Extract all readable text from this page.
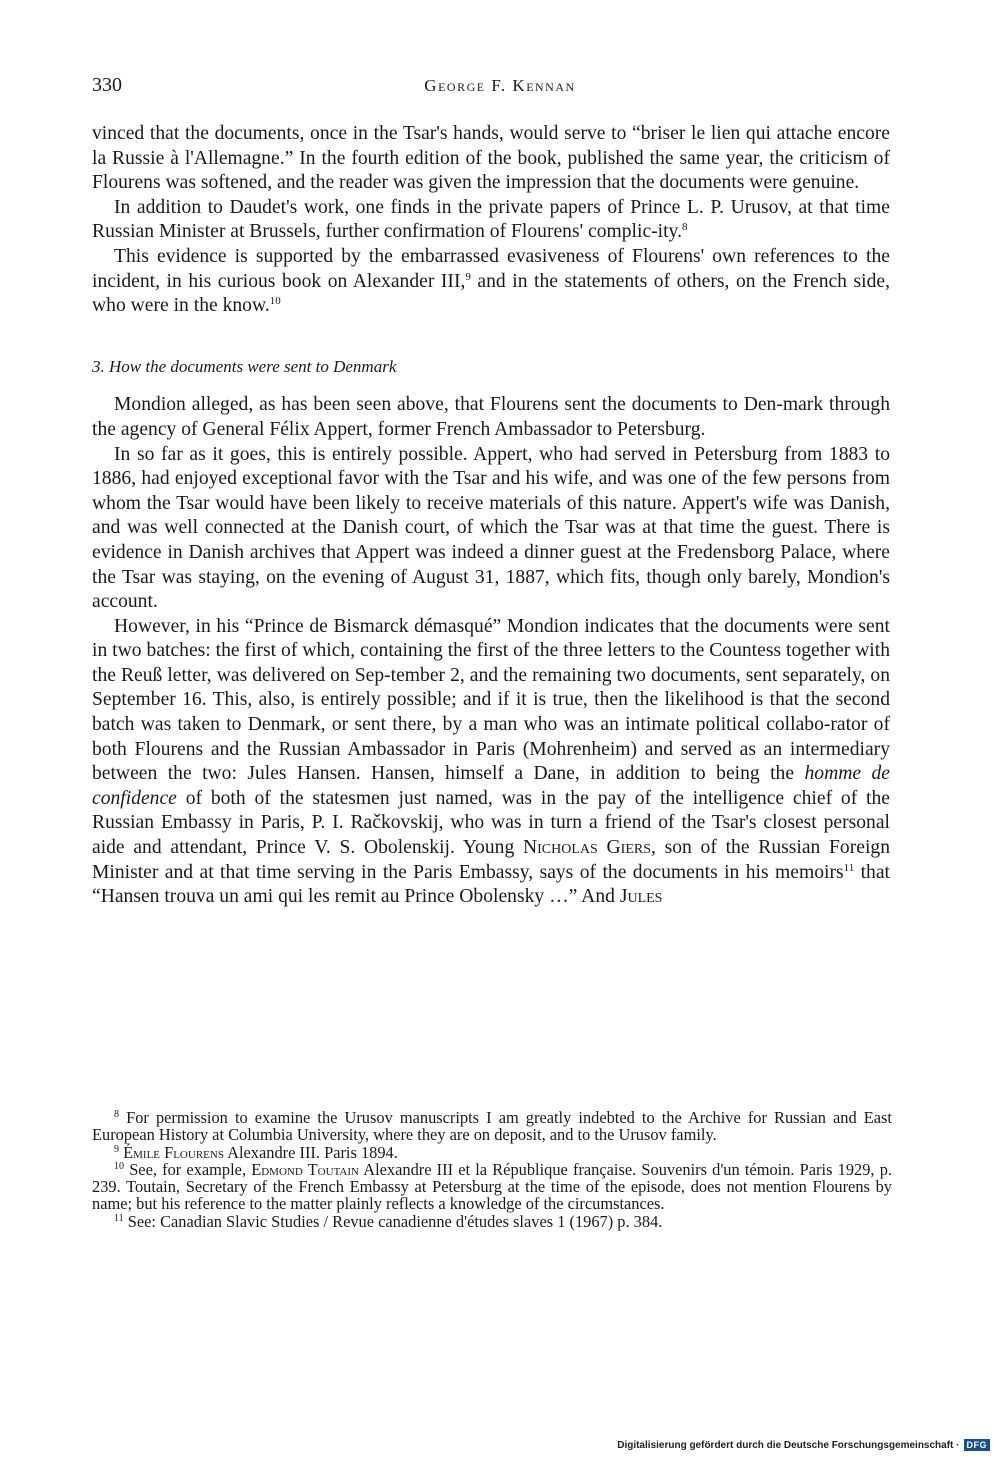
330	George F. Kennan

vinced that the documents, once in the Tsar's hands, would serve to “briser le lien qui attache encore la Russie à l'Allemagne.” In the fourth edition of the book, published the same year, the criticism of Flourens was softened, and the reader was given the impression that the documents were genuine.

In addition to Daudet's work, one finds in the private papers of Prince L. P. Urusov, at that time Russian Minister at Brussels, further confirmation of Flourens' complic-ity.$^8$

This evidence is supported by the embarrassed evasiveness of Flourens' own references to the incident, in his curious book on Alexander III,$^9$ and in the statements of others, on the French side, who were in the know.$^{10}$

3. How the documents were sent to Denmark

Mondion alleged, as has been seen above, that Flourens sent the documents to Den-mark through the agency of General Félix Appert, former French Ambassador to Petersburg.

In so far as it goes, this is entirely possible. Appert, who had served in Petersburg from 1883 to 1886, had enjoyed exceptional favor with the Tsar and his wife, and was one of the few persons from whom the Tsar would have been likely to receive materials of this nature. Appert's wife was Danish, and was well connected at the Danish court, of which the Tsar was at that time the guest. There is evidence in Danish archives that Appert was indeed a dinner guest at the Fredensborg Palace, where the Tsar was staying, on the evening of August 31, 1887, which fits, though only barely, Mondion's account.

However, in his “Prince de Bismarck démasqué” Mondion indicates that the documents were sent in two batches: the first of which, containing the first of the three letters to the Countess together with the Reuß letter, was delivered on Sep-tember 2, and the remaining two documents, sent separately, on September 16. This, also, is entirely possible; and if it is true, then the likelihood is that the second batch was taken to Denmark, or sent there, by a man who was an intimate political collabo-rator of both Flourens and the Russian Ambassador in Paris (Mohrenheim) and served as an intermediary between the two: Jules Hansen. Hansen, himself a Dane, in addition to being the homme de confidence of both of the statesmen just named, was in the pay of the intelligence chief of the Russian Embassy in Paris, P. I. Račkovskij, who was in turn a friend of the Tsar's closest personal aide and attendant, Prince V. S. Obolenskij. Young Nicholas Giers, son of the Russian Foreign Minister and at that time serving in the Paris Embassy, says of the documents in his memoirs$^{11}$ that “Hansen trouva un ami qui les remit au Prince Obolensky …” And Jules

$^8$ For permission to examine the Urusov manuscripts I am greatly indebted to the Archive for Russian and East European History at Columbia University, where they are on deposit, and to the Urusov family.

$^9$ Émile Flourens Alexandre III. Paris 1894.

$^{10}$ See, for example, Edmond Toutain Alexandre III et la République française. Souvenirs d'un témoin. Paris 1929, p. 239. Toutain, Secretary of the French Embassy at Petersburg at the time of the episode, does not mention Flourens by name; but his reference to the matter plainly reflects a knowledge of the circumstances.

$^{11}$ See: Canadian Slavic Studies / Revue canadienne d'études slaves 1 (1967) p. 384.

Digitalisierung gefördert durch die Deutsche Forschungsgemeinschaft · DFG
